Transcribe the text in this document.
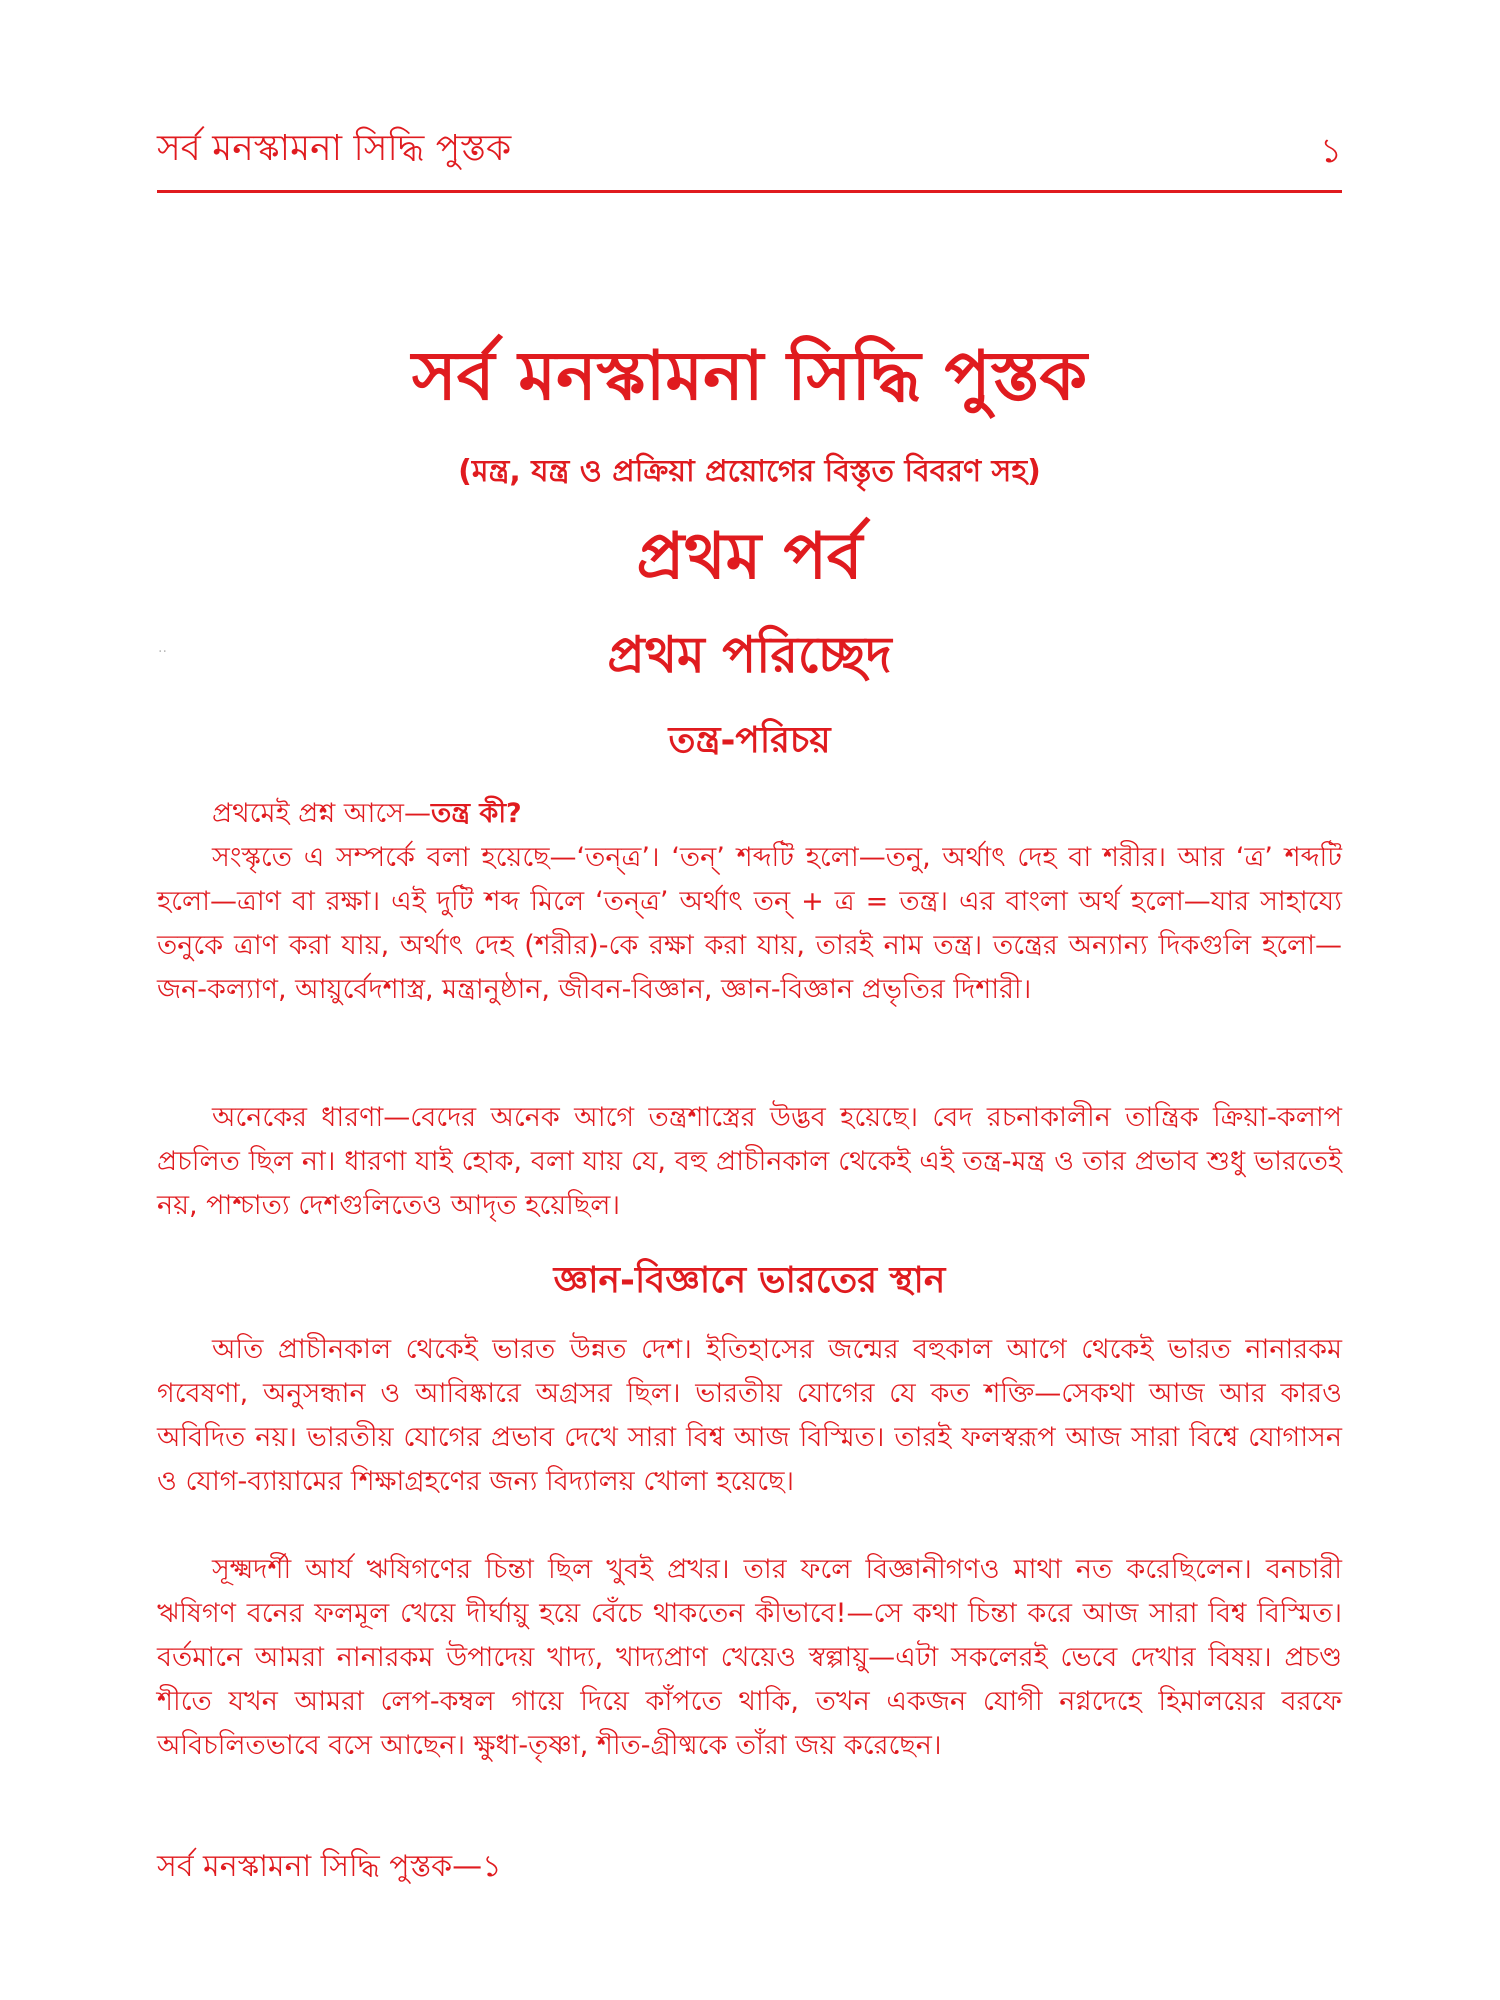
সর্ব মনস্কামনা সিদ্ধি পুস্তক	১
··
সর্ব মনস্কামনা সিদ্ধি পুস্তক
(মন্ত্র, যন্ত্র ও প্রক্রিয়া প্রয়োগের বিস্তৃত বিবরণ সহ)
প্রথম পর্ব
প্রথম পরিচ্ছেদ
তন্ত্র-পরিচয়

প্রথমেই প্রশ্ন আসে—তন্ত্র কী?

সংস্কৃতে এ সম্পর্কে বলা হয়েছে—‘তন্‌ত্র’। ‘তন্‌’ শব্দটি হলো—তনু, অর্থাৎ দেহ বা শরীর। আর ‘ত্র’ শব্দটি হলো—ত্রাণ বা রক্ষা। এই দুটি শব্দ মিলে ‘তন্‌ত্র’ অর্থাৎ তন্‌ + ত্র = তন্ত্র। এর বাংলা অর্থ হলো—যার সাহায্যে তনুকে ত্রাণ করা যায়, অর্থাৎ দেহ (শরীর)-কে রক্ষা করা যায়, তারই নাম তন্ত্র। তন্ত্রের অন্যান্য দিকগুলি হলো—জন-কল্যাণ, আয়ুর্বেদশাস্ত্র, মন্ত্রানুষ্ঠান, জীবন-বিজ্ঞান, জ্ঞান-বিজ্ঞান প্রভৃতির দিশারী।

অনেকের ধারণা—বেদের অনেক আগে তন্ত্রশাস্ত্রের উদ্ভব হয়েছে। বেদ রচনাকালীন তান্ত্রিক ক্রিয়া-কলাপ প্রচলিত ছিল না। ধারণা যাই হোক, বলা যায় যে, বহু প্রাচীনকাল থেকেই এই তন্ত্র-মন্ত্র ও তার প্রভাব শুধু ভারতেই নয়, পাশ্চাত্য দেশগুলিতেও আদৃত হয়েছিল।

জ্ঞান-বিজ্ঞানে ভারতের স্থান

অতি প্রাচীনকাল থেকেই ভারত উন্নত দেশ। ইতিহাসের জন্মের বহুকাল আগে থেকেই ভারত নানারকম গবেষণা, অনুসন্ধান ও আবিষ্কারে অগ্রসর ছিল। ভারতীয় যোগের যে কত শক্তি—সেকথা আজ আর কারও অবিদিত নয়। ভারতীয় যোগের প্রভাব দেখে সারা বিশ্ব আজ বিস্মিত। তারই ফলস্বরূপ আজ সারা বিশ্বে যোগাসন ও যোগ-ব্যায়ামের শিক্ষাগ্রহণের জন্য বিদ্যালয় খোলা হয়েছে।

সূক্ষ্মদর্শী আর্য ঋষিগণের চিন্তা ছিল খুবই প্রখর। তার ফলে বিজ্ঞানীগণও মাথা নত করেছিলেন। বনচারী ঋষিগণ বনের ফলমূল খেয়ে দীর্ঘায়ু হয়ে বেঁচে থাকতেন কীভাবে!—সে কথা চিন্তা করে আজ সারা বিশ্ব বিস্মিত। বর্তমানে আমরা নানারকম উপাদেয় খাদ্য, খাদ্যপ্রাণ খেয়েও স্বল্পায়ু—এটা সকলেরই ভেবে দেখার বিষয়। প্রচণ্ড শীতে যখন আমরা লেপ-কম্বল গায়ে দিয়ে কাঁপতে থাকি, তখন একজন যোগী নগ্নদেহে হিমালয়ের বরফে অবিচলিতভাবে বসে আছেন। ক্ষুধা-তৃষ্ণা, শীত-গ্রীষ্মকে তাঁরা জয় করেছেন।

সর্ব মনস্কামনা সিদ্ধি পুস্তক—১
